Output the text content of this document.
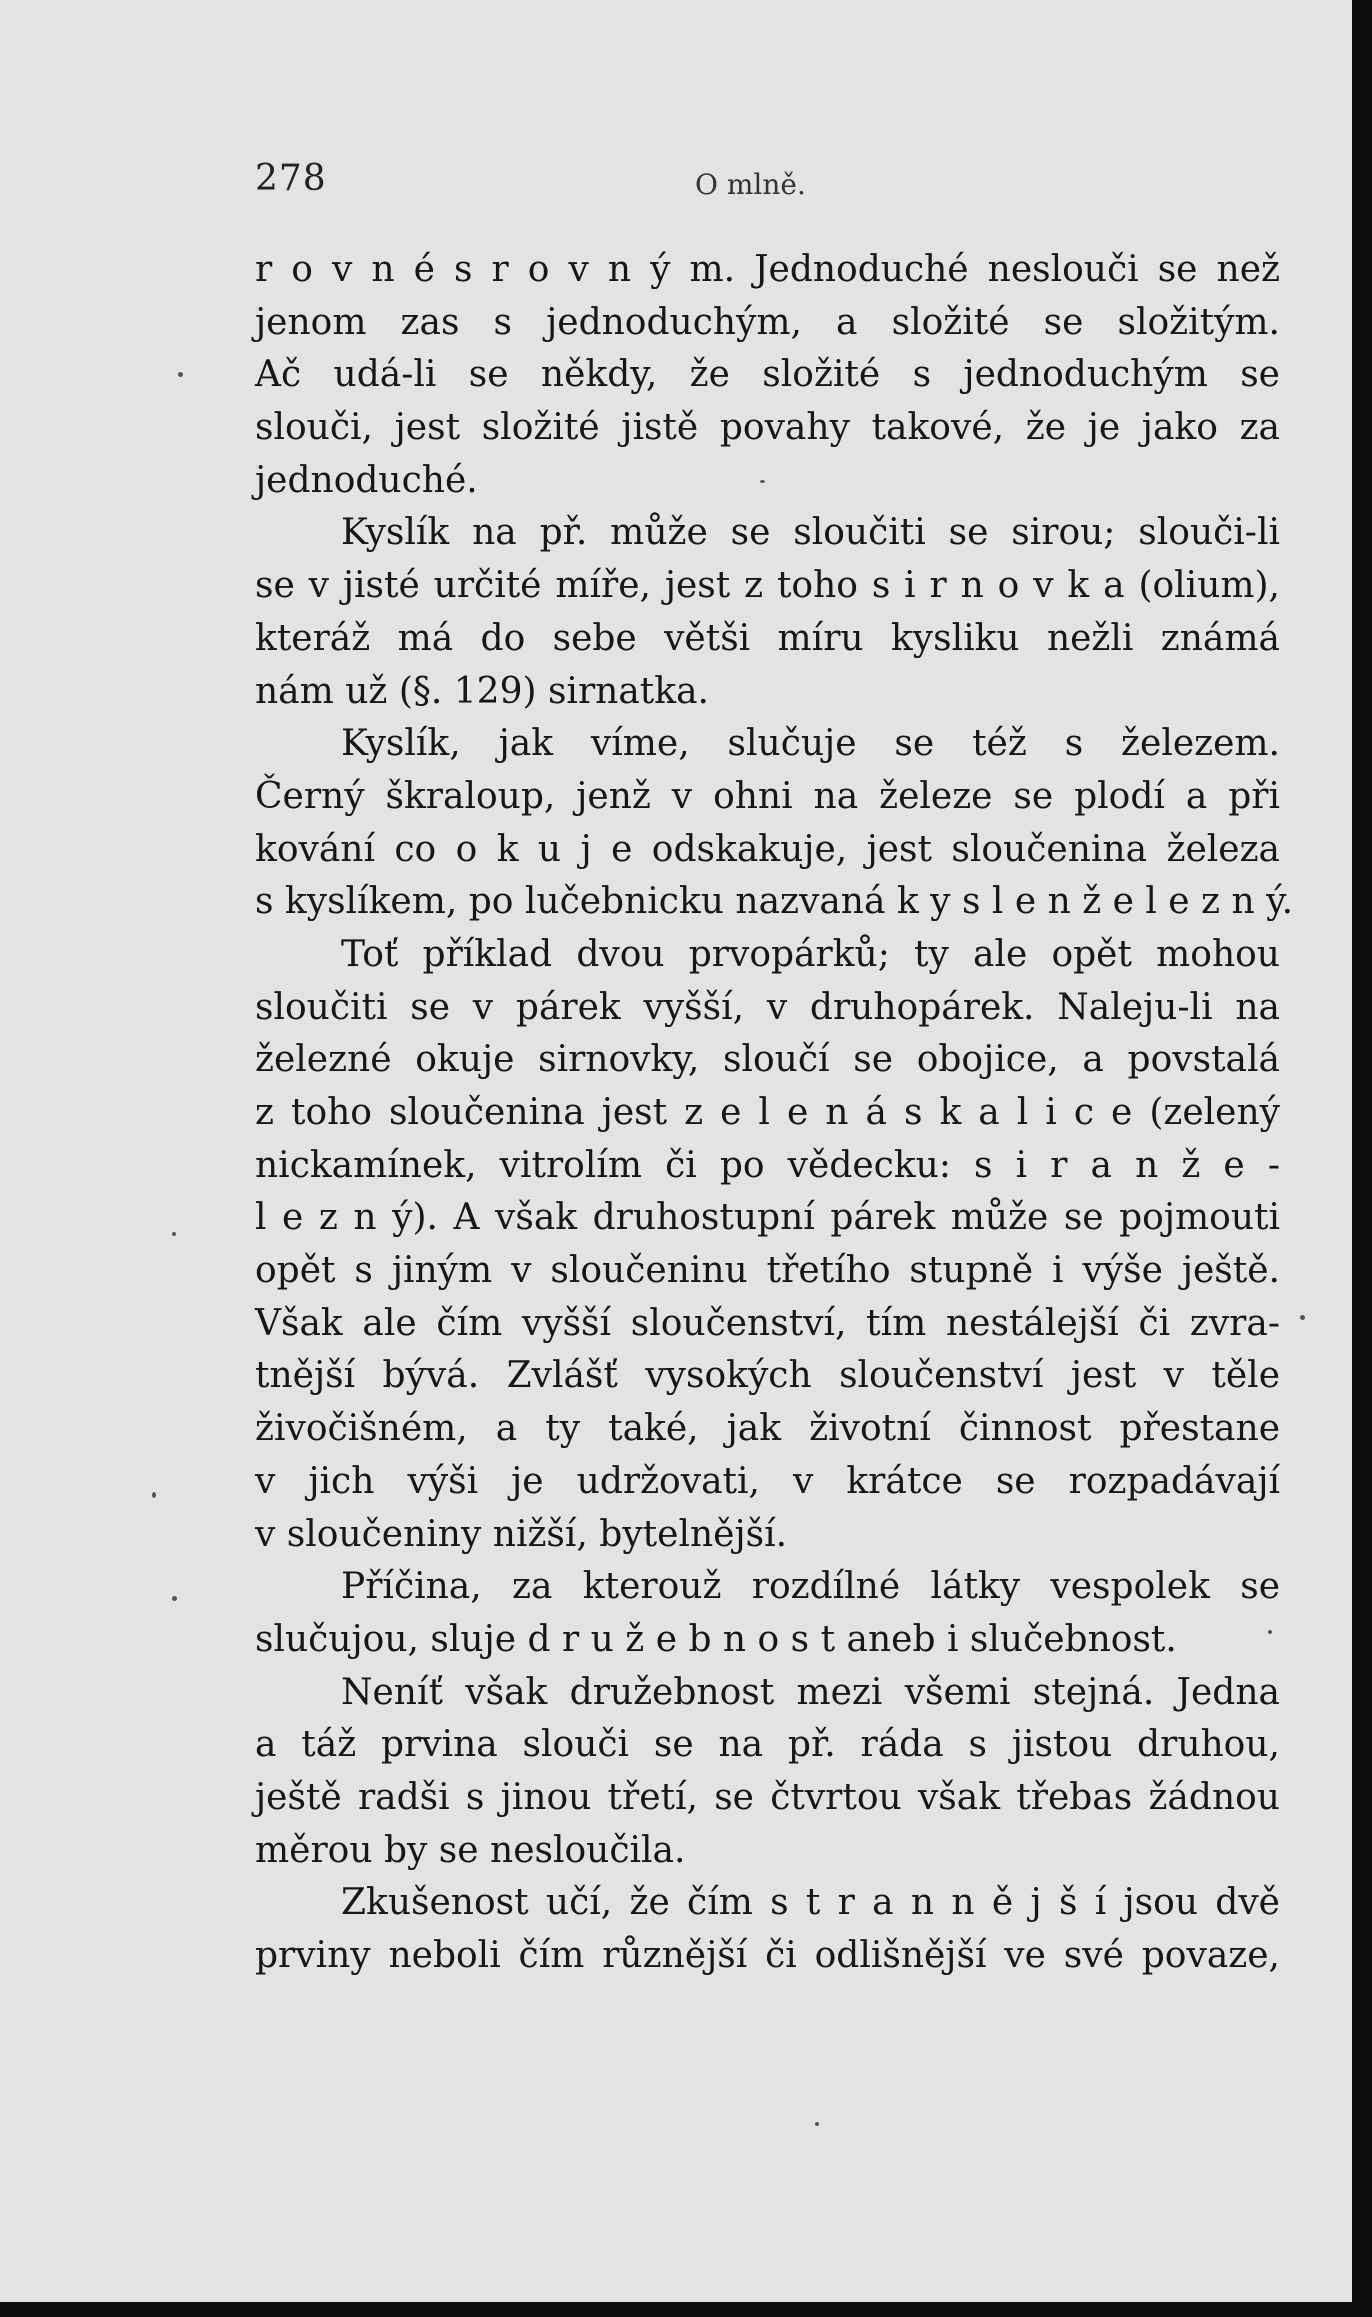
278	O mlně.
r o v n é s r o v n ý m. Jednoduché neslouči se než
jenom zas s jednoduchým, a složité se složitým.
Ač udá-li se někdy, že složité s jednoduchým se
slouči, jest složité jistě povahy takové, že je jako za
jednoduché.
Kyslík na př. může se sloučiti se sirou; slouči-li
se v jisté určité míře, jest z toho s i r n o v k a (olium),
kteráž má do sebe větši míru kysliku nežli známá
nám už (§. 129) sirnatka.
Kyslík, jak víme, slučuje se též s železem.
Černý škraloup, jenž v ohni na železe se plodí a při
kování co o k u j e odskakuje, jest sloučenina železa
s kyslíkem, po lučebnicku nazvaná k y s l e n ž e l e z n ý.
Toť příklad dvou prvopárků; ty ale opět mohou
sloučiti se v párek vyšší, v druhopárek. Naleju-li na
železné okuje sirnovky, sloučí se obojice, a povstalá
z toho sloučenina jest z e l e n á s k a l i c e (zelený
nickamínek, vitrolím či po vědecku: s i r a n ž e -
l e z n ý). A však druhostupní párek může se pojmouti
opět s jiným v sloučeninu třetího stupně i výše ještě.
Však ale čím vyšší sloučenství, tím nestálejší či zvra-
tnější bývá. Zvlášť vysokých sloučenství jest v těle
živočišném, a ty také, jak životní činnost přestane
v jich výši je udržovati, v krátce se rozpadávají
v sloučeniny nižší, bytelnější.
Příčina, za kterouž rozdílné látky vespolek se
slučujou, sluje d r u ž e b n o s t aneb i slučebnost.
Neníť však družebnost mezi všemi stejná. Jedna
a táž prvina slouči se na př. ráda s jistou druhou,
ještě radši s jinou třetí, se čtvrtou však třebas žádnou
měrou by se nesloučila.
Zkušenost učí, že čím s t r a n n ě j š í jsou dvě
prviny neboli čím různější či odlišnější ve své povaze,
